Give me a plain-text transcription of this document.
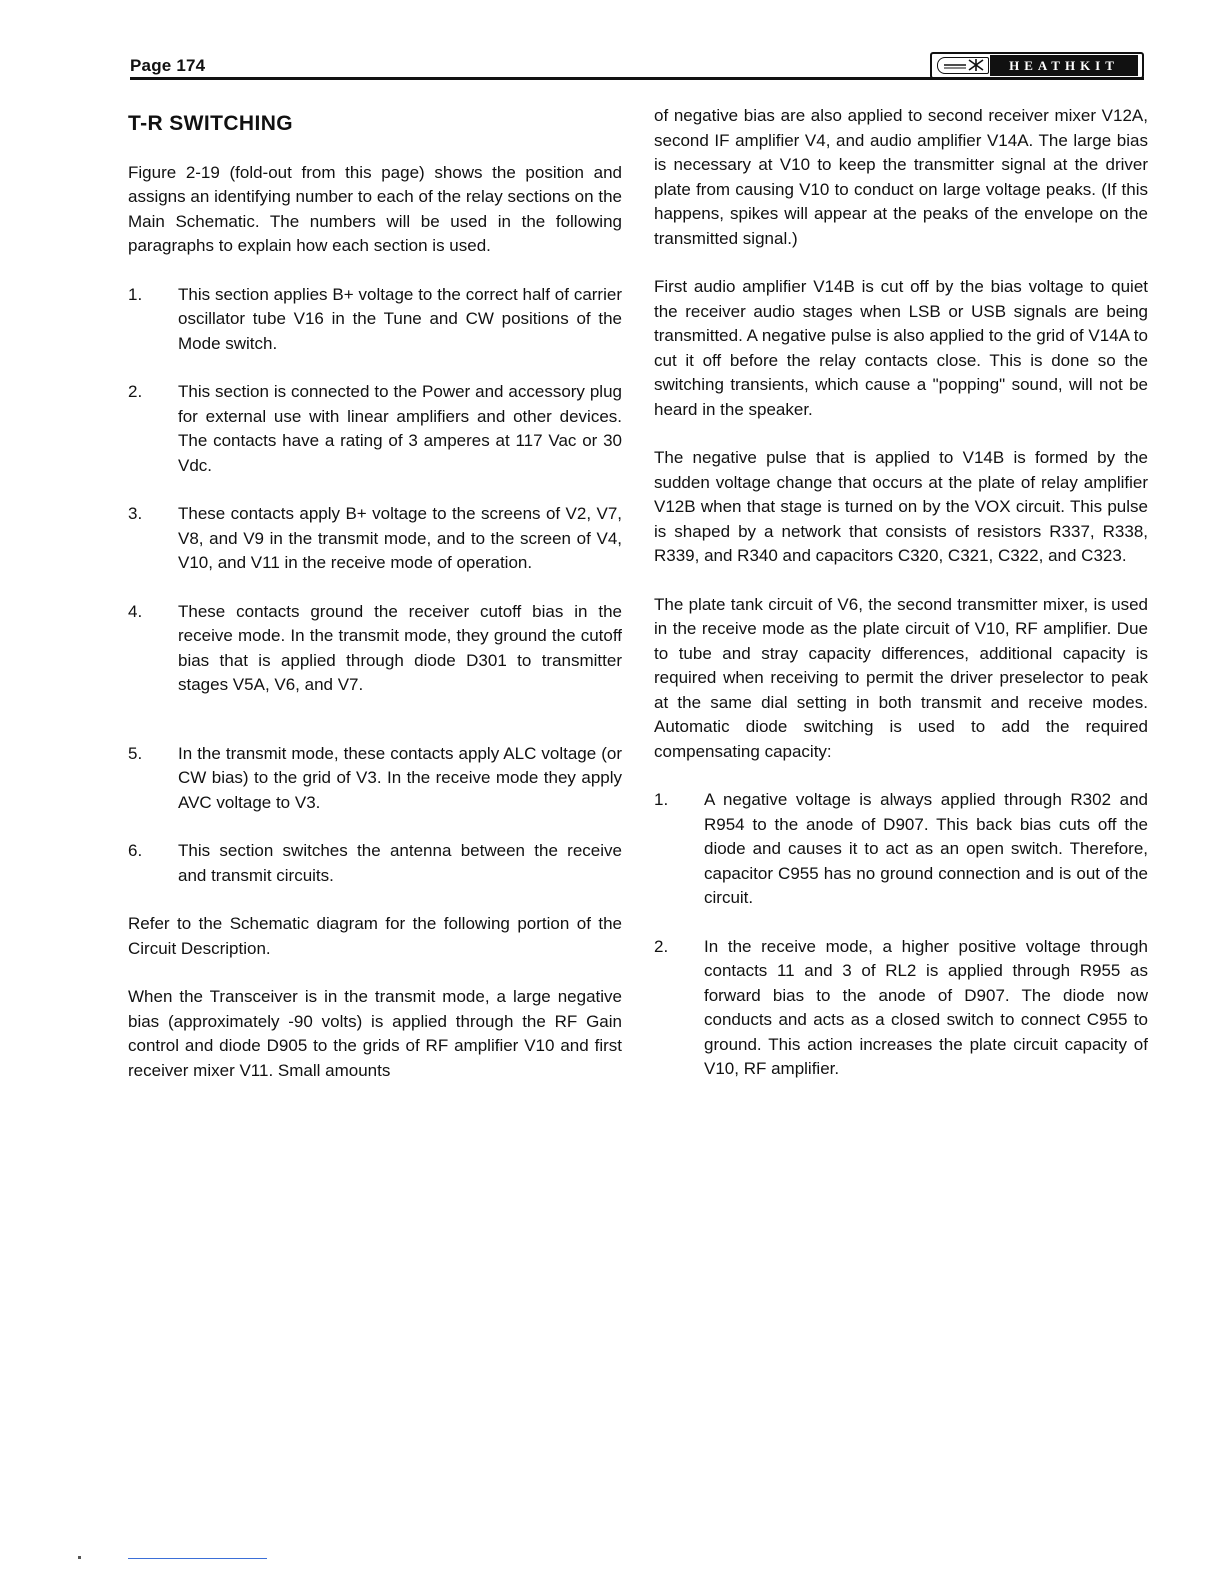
Page 174	HEATHKIT
T-R SWITCHING

Figure 2-19 (fold-out from this page) shows the position and assigns an identifying number to each of the relay sections on the Main Schematic. The numbers will be used in the following paragraphs to explain how each section is used.

1.	This section applies B+ voltage to the correct half of carrier oscillator tube V16 in the Tune and CW positions of the Mode switch.
2.	This section is connected to the Power and accessory plug for external use with linear amplifiers and other devices. The contacts have a rating of 3 amperes at 117 Vac or 30 Vdc.
3.	These contacts apply B+ voltage to the screens of V2, V7, V8, and V9 in the transmit mode, and to the screen of V4, V10, and V11 in the receive mode of operation.
4.	These contacts ground the receiver cutoff bias in the receive mode. In the transmit mode, they ground the cutoff bias that is applied through diode D301 to transmitter stages V5A, V6, and V7.
5.	In the transmit mode, these contacts apply ALC voltage (or CW bias) to the grid of V3. In the receive mode they apply AVC voltage to V3.
6.	This section switches the antenna between the receive and transmit circuits.

Refer to the Schematic diagram for the following portion of the Circuit Description.

When the Transceiver is in the transmit mode, a large negative bias (approximately -90 volts) is applied through the RF Gain control and diode D905 to the grids of RF amplifier V10 and first receiver mixer V11. Small amounts

of negative bias are also applied to second receiver mixer V12A, second IF amplifier V4, and audio amplifier V14A. The large bias is necessary at V10 to keep the transmitter signal at the driver plate from causing V10 to conduct on large voltage peaks. (If this happens, spikes will appear at the peaks of the envelope on the transmitted signal.)

First audio amplifier V14B is cut off by the bias voltage to quiet the receiver audio stages when LSB or USB signals are being transmitted. A negative pulse is also applied to the grid of V14A to cut it off before the relay contacts close. This is done so the switching transients, which cause a "popping" sound, will not be heard in the speaker.

The negative pulse that is applied to V14B is formed by the sudden voltage change that occurs at the plate of relay amplifier V12B when that stage is turned on by the VOX circuit. This pulse is shaped by a network that consists of resistors R337, R338, R339, and R340 and capacitors C320, C321, C322, and C323.

The plate tank circuit of V6, the second transmitter mixer, is used in the receive mode as the plate circuit of V10, RF amplifier. Due to tube and stray capacity differences, additional capacity is required when receiving to permit the driver preselector to peak at the same dial setting in both transmit and receive modes. Automatic diode switching is used to add the required compensating capacity:

1.	A negative voltage is always applied through R302 and R954 to the anode of D907. This back bias cuts off the diode and causes it to act as an open switch. Therefore, capacitor C955 has no ground connection and is out of the circuit.
2.	In the receive mode, a higher positive voltage through contacts 11 and 3 of RL2 is applied through R955 as forward bias to the anode of D907. The diode now conducts and acts as a closed switch to connect C955 to ground. This action increases the plate circuit capacity of V10, RF amplifier.
